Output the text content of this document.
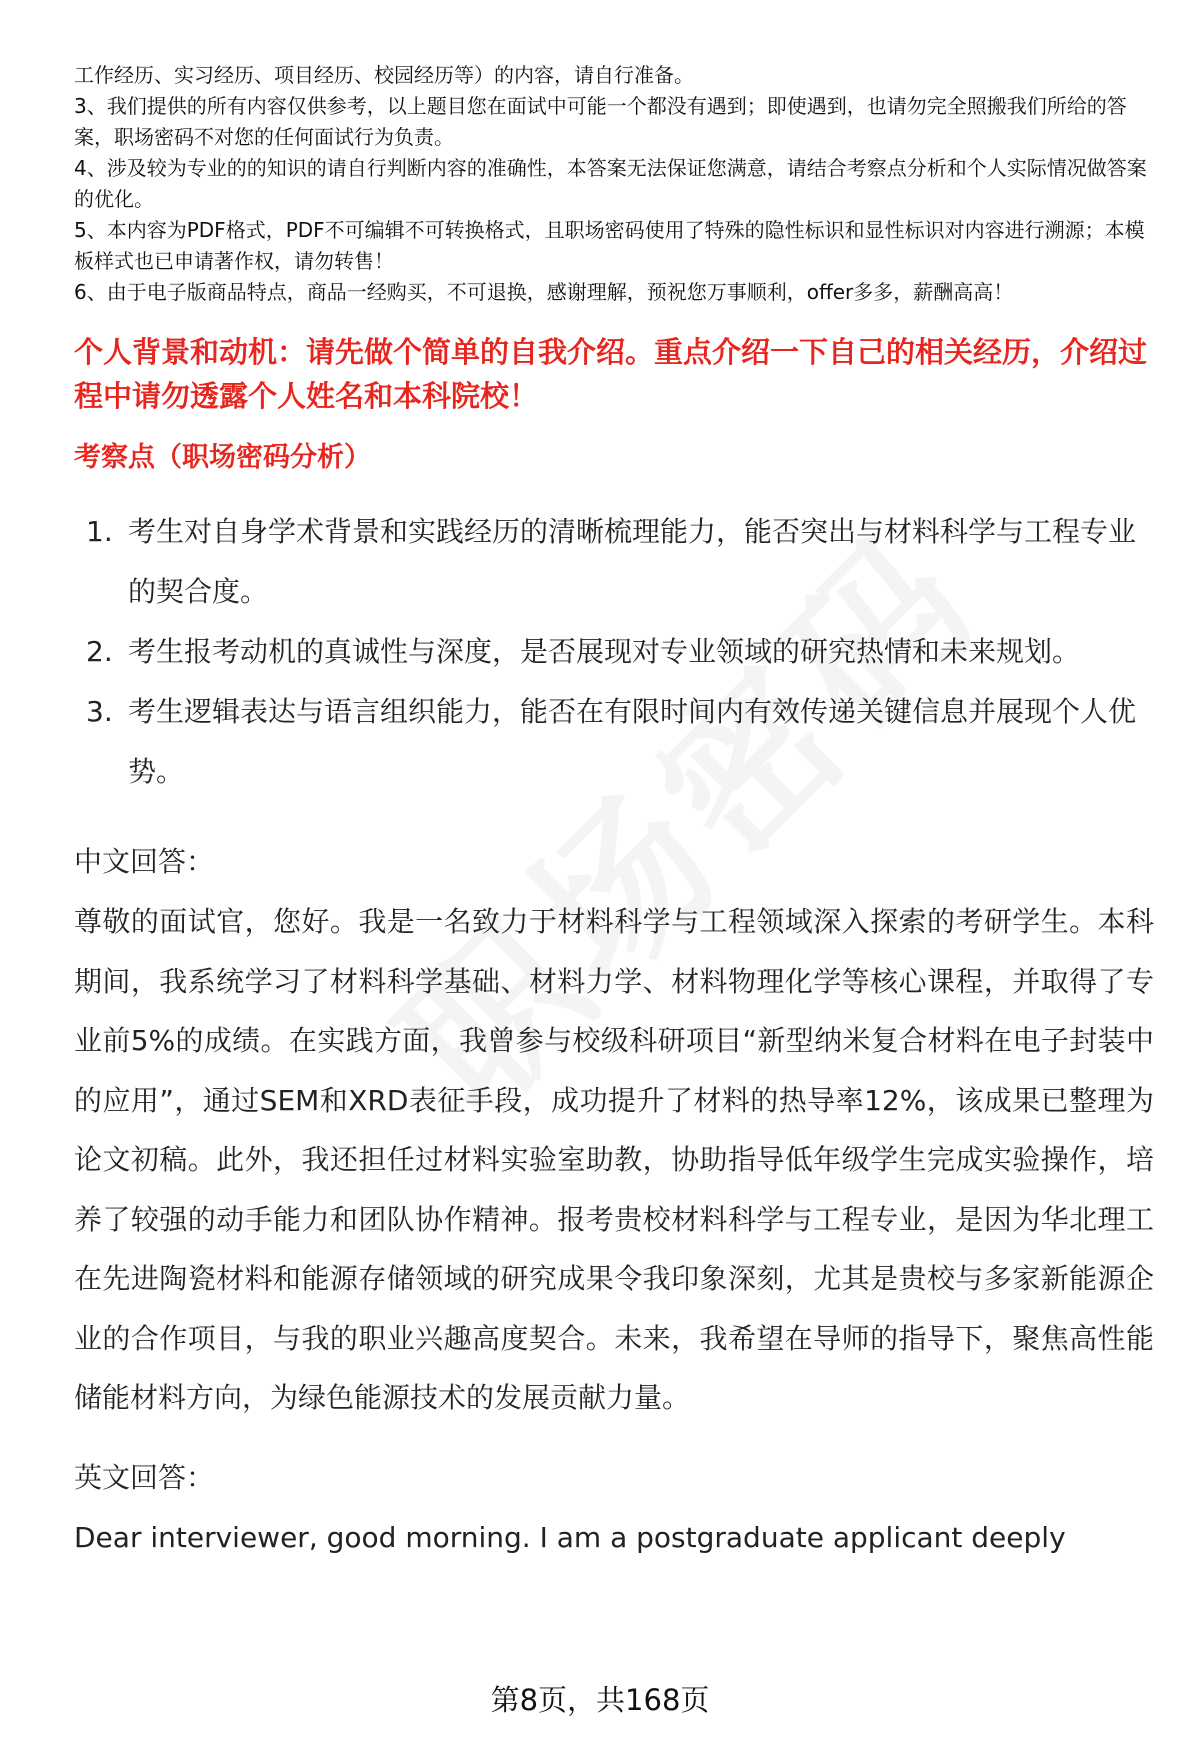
工作经历、实习经历、项目经历、校园经历等）的内容，请自行准备。

3、我们提供的所有内容仅供参考，以上题目您在面试中可能一个都没有遇到；即使遇到，也请勿完全照搬我们所给的答案，职场密码不对您的任何面试行为负责。

4、涉及较为专业的的知识的请自行判断内容的准确性，本答案无法保证您满意，请结合考察点分析和个人实际情况做答案的优化。

5、本内容为PDF格式，PDF不可编辑不可转换格式，且职场密码使用了特殊的隐性标识和显性标识对内容进行溯源；本模板样式也已申请著作权，请勿转售！

6、由于电子版商品特点，商品一经购买，不可退换，感谢理解，预祝您万事顺利，offer多多，薪酬高高！

个人背景和动机：请先做个简单的自我介绍。重点介绍一下自己的相关经历，介绍过程中请勿透露个人姓名和本科院校！
考察点（职场密码分析）
1. 考生对自身学术背景和实践经历的清晰梳理能力，能否突出与材料科学与工程专业的契合度。
2. 考生报考动机的真诚性与深度，是否展现对专业领域的研究热情和未来规划。
3. 考生逻辑表达与语言组织能力，能否在有限时间内有效传递关键信息并展现个人优势。
中文回答：
尊敬的面试官，您好。我是一名致力于材料科学与工程领域深入探索的考研学生。本科期间，我系统学习了材料科学基础、材料力学、材料物理化学等核心课程，并取得了专业前5%的成绩。在实践方面，我曾参与校级科研项目“新型纳米复合材料在电子封装中的应用”，通过SEM和XRD表征手段，成功提升了材料的热导率12%，该成果已整理为论文初稿。此外，我还担任过材料实验室助教，协助指导低年级学生完成实验操作，培养了较强的动手能力和团队协作精神。报考贵校材料科学与工程专业，是因为华北理工在先进陶瓷材料和能源存储领域的研究成果令我印象深刻，尤其是贵校与多家新能源企业的合作项目，与我的职业兴趣高度契合。未来，我希望在导师的指导下，聚焦高性能储能材料方向，为绿色能源技术的发展贡献力量。
英文回答：
Dear interviewer, good morning. I am a postgraduate applicant deeply
第8页，共168页
